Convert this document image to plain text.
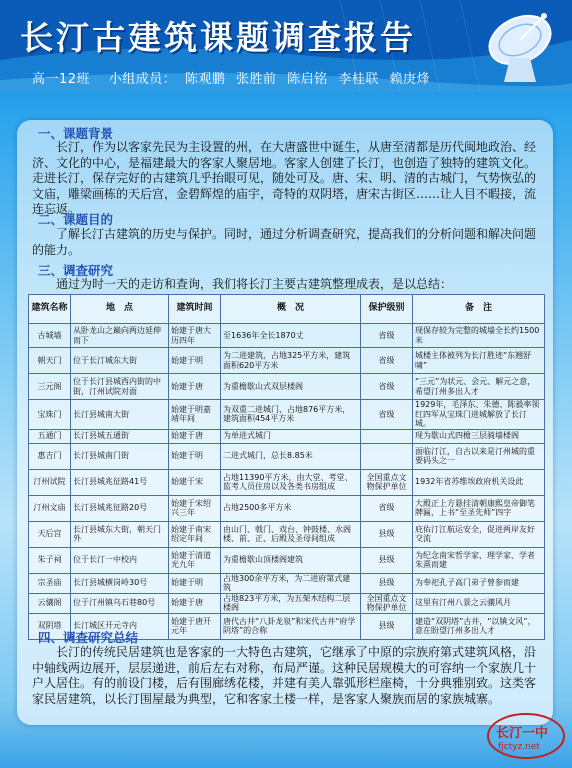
长汀古建筑课题调查报告
高一12班 小组成员： 陈观鹏 张胜前 陈启铭 李桂联 赖庚烽
一、课题背景

长汀，作为以客家先民为主设置的州，在大唐盛世中诞生，从唐至清都是历代闽地政治、经济、文化的中心，是福建最大的客家人聚居地。客家人创建了长汀，也创造了独特的建筑文化。走进长汀，保存完好的古建筑几乎抬眼可见，随处可及。唐、宋、明、清的古城门，气势恢弘的文庙，雕梁画栋的天后宫，金碧辉煌的庙宇，奇特的双阴塔，唐宋古街区……让人目不暇接，流连忘返。

二、课题目的

了解长汀古建筑的历史与保护。同时，通过分析调查研究，提高我们的分析问题和解决问题的能力。

三、调查研究

通过为时一天的走访和查询，我们将长汀主要古建筑整理成表，是以总结：

建筑名称	地　点	建筑时间	概　况	保护级别	备　注
古城墙	从卧龙山之巅向两边延伸而下	始建于唐大历四年	至1636年全长1870丈	省级	现保存较为完整的城墙全长约1500米
朝天门	位于长汀城东大街	始建于明	为二进建筑，占地325平方米，建筑面积620平方米	省级	城楼主体被列为长汀胜迹“东翘舒啸”
三元阁	位于长汀县城西内街的中街，汀州试院对面	始建于唐	为重檐歇山式双层楼阁	省级	“三元”为状元、会元、解元之意，希望汀州多出人才
宝珠门	长汀县城南大街	始建于明嘉靖年间	为双重二进城门，占地876平方米，建筑面积454平方米	省级	1929年，毛泽东、朱德、陈毅率领红四军从宝珠门进城解放了长汀城。
五通门	长汀县城五通街	始建于唐	为单进式城门		现为歇山式四檐三层骑墙楼阁
惠吉门	长汀县城南门街	始建于明	二进式城门，总长8.85米		面临汀江，自古以来是汀州城的重要码头之一
汀州试院	长汀县城兆征路41号	始建于宋	占地11390平方米，由大堂、考堂、监考人员住房以及各类书房组成	全国重点文物保护单位	1932年省苏维埃政府机关设此
汀州文庙	长汀县城兆征路20号	始建于宋绍兴三年	占地2500多平方米	省级	大殿正上方悬挂清朝康熙皇帝御笔牌匾，上书“至圣先师”四字
天后宫	长汀县城东大街，朝天门外	始建于南宋绍定年间	由山门、戟门、戏台、钟鼓楼、水阁楼、前、正、后殿及圣母间组成	县级	庇佑汀江航运安全，促进两岸友好交流
朱子祠	位于长汀一中校内	始建于清道光九年	为重檐歇山顶楼阁建筑	县级	为纪念南宋哲学家、理学家、学者朱熹而建
宗圣庙	长汀县城横岗岭30号	始建于明	占地300余平方米，为二进府第式建筑	县级	为奉祀孔子高门弟子曾参而建
云骧阁	位于汀州镇乌石巷80号	始建于唐	占地823平方米，为五架木结构二层楼阁	全国重点文物保护单位	这里有汀州八景之云骧风月
双阴塔	长汀城区开元寺内	始建于唐开元年	唐代古井“八卦龙泉”和宋代古井“府学阴塔”的合称	县级	建造“双阴塔”古井，“以镇文风”，意在盼望汀州多出人才
四、调查研究总结

长汀的传统民居建筑也是客家的一大特色古建筑，它继承了中原的宗族府第式建筑风格，沿中轴线两边展开，层层递进，前后左右对称，布局严谨。这种民居规模大的可容纳一个家族几十户人居住。有的前设门楼，后有围廊绣花楼，并建有美人靠弧形栏座椅，十分典雅别致。这类客家民居建筑，以长汀围屋最为典型，它和客家土楼一样，是客家人聚族而居的家族城寨。

长汀一中
fjctyz.net
